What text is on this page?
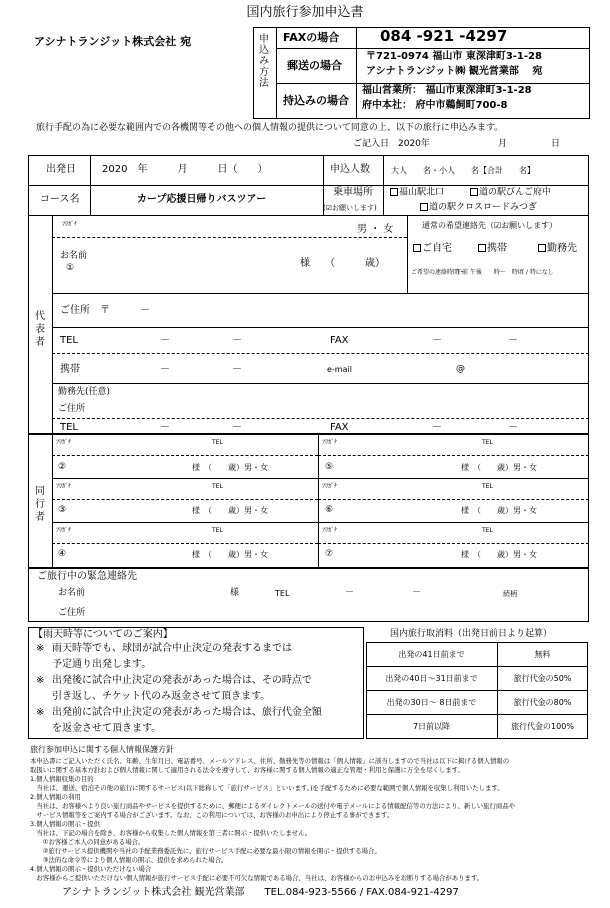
国内旅行参加申込書
アシナトランジット株式会社 宛	申込み方法
FAXの場合	084 -921 -4297
郵送の場合
〒721-0974 福山市 東深津町3-1-28
アシナトランジット㈱ 観光営業部　 宛
持込みの場合
福山営業所： 福山市東深津町3-1-28
府中本社： 府中市鵜飼町700-8
旅行手配の為に必要な範囲内での各機関等その他への個人情報の提供について同意の上、以下の旅行に申込みます。
ご記入日 2020年	月	日
出発日	2020　年　　　月　　　日（　　）	申込人数	大人　　名・小人　　名【合計　　名】
コース名	カープ応援日帰りバスツアー
乗車場所
(☑お願いします)
福山駅北口	道の駅びんご府中
道の駅クロスロードみつぎ
代表者
ﾌﾘｶﾞﾅ	男 ・ 女
お名前
①	様　　（　　　歳）
通常の希望連絡先（☑お願いします）
ご自宅	携帯	勤務先
ご希望の連絡時間・
午前 午後　　時～　時頃 / 特になし
ご住所　〒　　　－
TEL	－	－	FAX	－	－
携帯	－	－	e-mail	@
勤務先(任意)
ご住所
TEL	－	－	FAX	－	－
同行者
ﾌﾘｶﾞﾅ	TEL
②	様　（　　歳）男・女
ﾌﾘｶﾞﾅ	TEL
③	様　（　　歳）男・女
ﾌﾘｶﾞﾅ	TEL
④	様　（　　歳）男・女
ﾌﾘｶﾞﾅ	TEL
⑤	様　（　　歳）男・女
ﾌﾘｶﾞﾅ	TEL
⑥	様　（　　歳）男・女
ﾌﾘｶﾞﾅ	TEL
⑦	様　（　　歳）男・女
ご旅行中の緊急連絡先
お名前	様	TEL	－	－	続柄
ご住所
【雨天時等についてのご案内】
※ 雨天時等でも、球団が試合中止決定の発表するまでは
予定通り出発します。
※ 出発後に試合中止決定の発表があった場合は、その時点で
引き返し、チケット代のみ返金させて頂きます。
※ 出発前に試合中止決定の発表があった場合は、旅行代金全額
を返金させて頂きます。
国内旅行取消料（出発日前日より起算）
出発の41日前まで	無料
出発の40日～31日前まで	旅行代金の50%
出発の30日～ 8日前まで	旅行代金の80%
7日前以降	旅行代金の100%
旅行参加申込に関する個人情報保護方針
本申込書にご記入いただく氏名、年齢、生年月日、電話番号、メールアドレス、住所、勤務先等の情報は「個人情報」に該当しますので当社は以下に掲げる個人情報の
取扱いに関する基本方針および個人情報に関して適用される法令を遵守して、お客様に関する個人情報の適正な管理・利用と保護に万全を尽くします。
1.個人情報収集の目的
　当社は、運送、宿泊その他の旅行に関するサービス(以下総称して「旅行サービス」といいます。)を手配するために必要な範囲で個人情報を収集し利用いたします。
2.個人情報の利用
　当社は、お客様へより良い旅行商品やサービスを提供するために、郵便によるダイレクトメールの送付や電子メールによる情報配信等の方法により、新しい旅行商品や
　サービス情報等をご案内する場合がございます。なお、この利用については、お客様のお申出により停止する事ができます。
3.個人情報の開示・提供
　当社は、下記の場合を除き、お客様から収集した個人情報を第三者に開示・提供いたしません。
　　①お客様ご本人の同意がある場合。
　　②旅行サービス提供機関や当社の手配業務委託先に、旅行サービス手配に必要な最小限の情報を開示・提供する場合。
　　③法的な命令等により個人情報の開示、提供を求められた場合。
4.個人情報の開示・提供いただけない場合
　お客様からご提供いただけない個人情報が旅行サービス手配に必要不可欠な情報である場合、当社は、お客様からのお申込みをお断りする場合があります。
アシナトランジット株式会社 観光営業部　　TEL.084-923-5566 / FAX.084-921-4297
